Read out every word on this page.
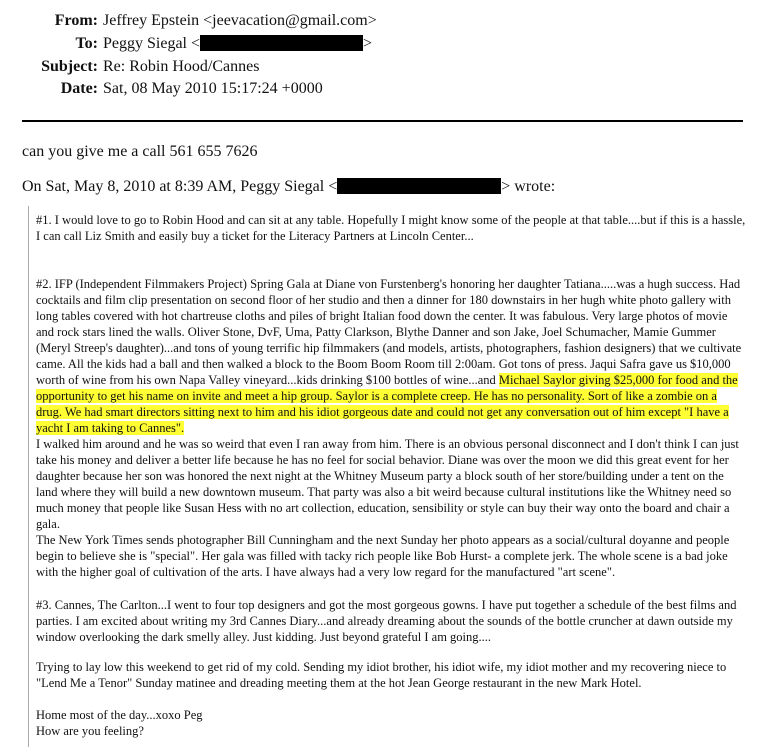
From: Jeffrey Epstein <jeevacation@gmail.com>
To: Peggy Siegal <	>
Subject: Re: Robin Hood/Cannes
Date: Sat, 08 May 2010 15:17:24 +0000
can you give me a call 561 655 7626
On Sat, May 8, 2010 at 8:39 AM, Peggy Siegal <	> wrote:
#1. I would love to go to Robin Hood and can sit at any table. Hopefully I might know some of the people at that table....but if this is a hassle, I can call Liz Smith and easily buy a ticket for the Literacy Partners at Lincoln Center...
#2. IFP (Independent Filmmakers Project) Spring Gala at Diane von Furstenberg's honoring her daughter Tatiana.....was a hugh success. Had cocktails and film clip presentation on second floor of her studio and then a dinner for 180 downstairs in her hugh white photo gallery with long tables covered with hot chartreuse cloths and piles of bright Italian food down the center. It was fabulous. Very large photos of movie and rock stars lined the walls. Oliver Stone, DvF, Uma, Patty Clarkson, Blythe Danner and son Jake, Joel Schumacher, Mamie Gummer (Meryl Streep's daughter)...and tons of young terrific hip filmmakers (and models, artists, photographers, fashion designers) that we cultivate came. All the kids had a ball and then walked a block to the Boom Boom Room till 2:00am. Got tons of press. Jaqui Safra gave us $10,000 worth of wine from his own Napa Valley vineyard...kids drinking $100 bottles of wine...and Michael Saylor giving $25,000 for food and the opportunity to get his name on invite and meet a hip group. Saylor is a complete creep. He has no personality. Sort of like a zombie on a drug. We had smart directors sitting next to him and his idiot gorgeous date and could not get any conversation out of him except "I have a yacht I am taking to Cannes".
I walked him around and he was so weird that even I ran away from him. There is an obvious personal disconnect and I don't think I can just take his money and deliver a better life because he has no feel for social behavior. Diane was over the moon we did this great event for her daughter because her son was honored the next night at the Whitney Museum party a block south of her store/building under a tent on the land where they will build a new downtown museum. That party was also a bit weird because cultural institutions like the Whitney need so much money that people like Susan Hess with no art collection, education, sensibility or style can buy their way onto the board and chair a gala.
The New York Times sends photographer Bill Cunningham and the next Sunday her photo appears as a social/cultural doyanne and people begin to believe she is "special". Her gala was filled with tacky rich people like Bob Hurst- a complete jerk. The whole scene is a bad joke with the higher goal of cultivation of the arts. I have always had a very low regard for the manufactured "art scene".
#3. Cannes, The Carlton...I went to four top designers and got the most gorgeous gowns. I have put together a schedule of the best films and parties. I am excited about writing my 3rd Cannes Diary...and already dreaming about the sounds of the bottle cruncher at dawn outside my window overlooking the dark smelly alley. Just kidding. Just beyond grateful I am going....
Trying to lay low this weekend to get rid of my cold. Sending my idiot brother, his idiot wife, my idiot mother and my recovering niece to "Lend Me a Tenor" Sunday matinee and dreading meeting them at the hot Jean George restaurant in the new Mark Hotel.
Home most of the day...xoxo Peg
How are you feeling?
